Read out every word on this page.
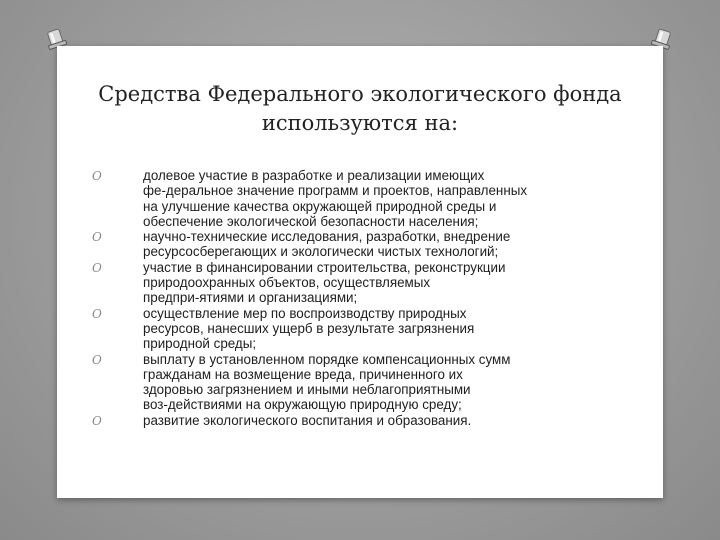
Средства Федерального экологического фонда
используются на:
O	долевое участие в разработке и реализации имеющих
фе-деральное значение программ и проектов, направленных
на улучшение качества окружающей природной среды и
обеспечение экологической безопасности населения;
O	научно-технические исследования, разработки, внедрение
ресурсосберегающих и экологически чистых технологий;
O	участие в финансировании строительства, реконструкции
природоохранных объектов, осуществляемых
предпри-ятиями и организациями;
O	осуществление мер по воспроизводству природных
ресурсов, нанесших ущерб в результате загрязнения
природной среды;
O	выплату в установленном порядке компенсационных сумм
гражданам на возмещение вреда, причиненного их
здоровью загрязнением и иными неблагоприятными
воз-действиями на окружающую природную среду;
O	развитие экологического воспитания и образования.
